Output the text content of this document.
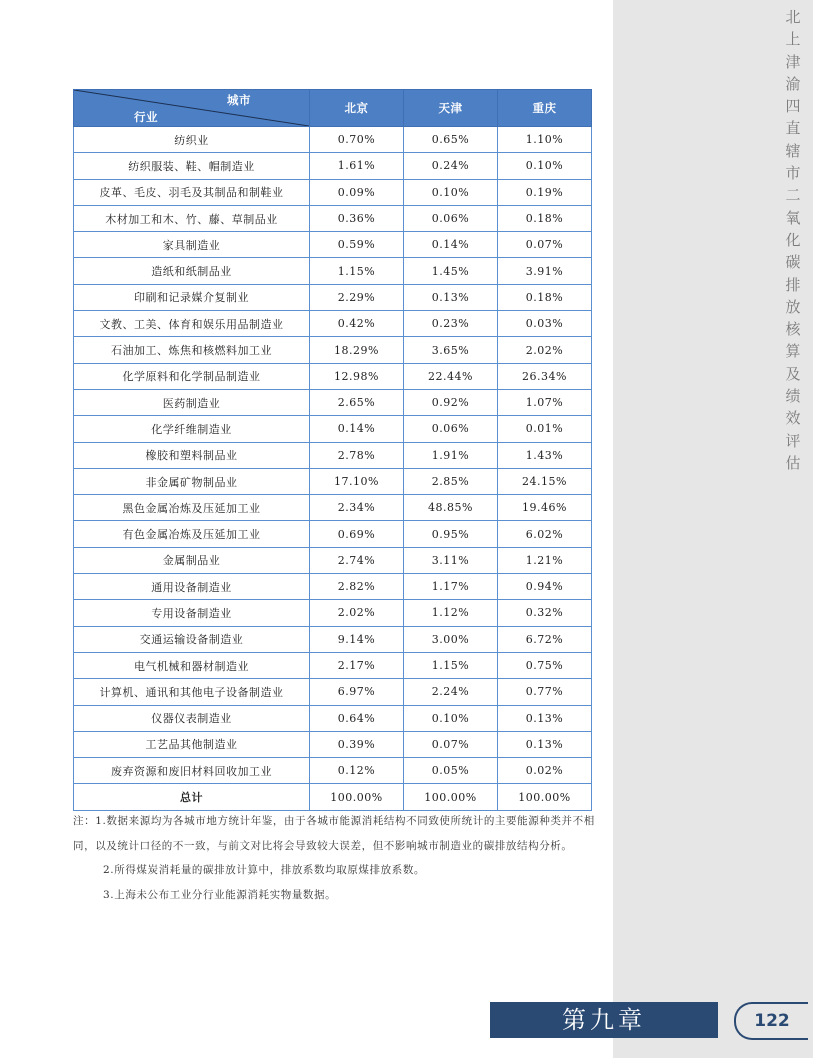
北上津渝四直辖市二氧化碳排放核算及绩效评估
城市
行业	北京	天津	重庆
纺织业	0.70%	0.65%	1.10%
纺织服装、鞋、帽制造业	1.61%	0.24%	0.10%
皮革、毛皮、羽毛及其制品和制鞋业	0.09%	0.10%	0.19%
木材加工和木、竹、藤、草制品业	0.36%	0.06%	0.18%
家具制造业	0.59%	0.14%	0.07%
造纸和纸制品业	1.15%	1.45%	3.91%
印刷和记录媒介复制业	2.29%	0.13%	0.18%
文教、工美、体育和娱乐用品制造业	0.42%	0.23%	0.03%
石油加工、炼焦和核燃料加工业	18.29%	3.65%	2.02%
化学原料和化学制品制造业	12.98%	22.44%	26.34%
医药制造业	2.65%	0.92%	1.07%
化学纤维制造业	0.14%	0.06%	0.01%
橡胶和塑料制品业	2.78%	1.91%	1.43%
非金属矿物制品业	17.10%	2.85%	24.15%
黑色金属冶炼及压延加工业	2.34%	48.85%	19.46%
有色金属冶炼及压延加工业	0.69%	0.95%	6.02%
金属制品业	2.74%	3.11%	1.21%
通用设备制造业	2.82%	1.17%	0.94%
专用设备制造业	2.02%	1.12%	0.32%
交通运输设备制造业	9.14%	3.00%	6.72%
电气机械和器材制造业	2.17%	1.15%	0.75%
计算机、通讯和其他电子设备制造业	6.97%	2.24%	0.77%
仪器仪表制造业	0.64%	0.10%	0.13%
工艺品其他制造业	0.39%	0.07%	0.13%
废弃资源和废旧材料回收加工业	0.12%	0.05%	0.02%
总计	100.00%	100.00%	100.00%

注：1.数据来源均为各城市地方统计年鉴，由于各城市能源消耗结构不同致使所统计的主要能源种类并不相同，以及统计口径的不一致，与前文对比将会导致较大误差，但不影响城市制造业的碳排放结构分析。

2.所得煤炭消耗量的碳排放计算中，排放系数均取原煤排放系数。

3.上海未公布工业分行业能源消耗实物量数据。

第九章	122
